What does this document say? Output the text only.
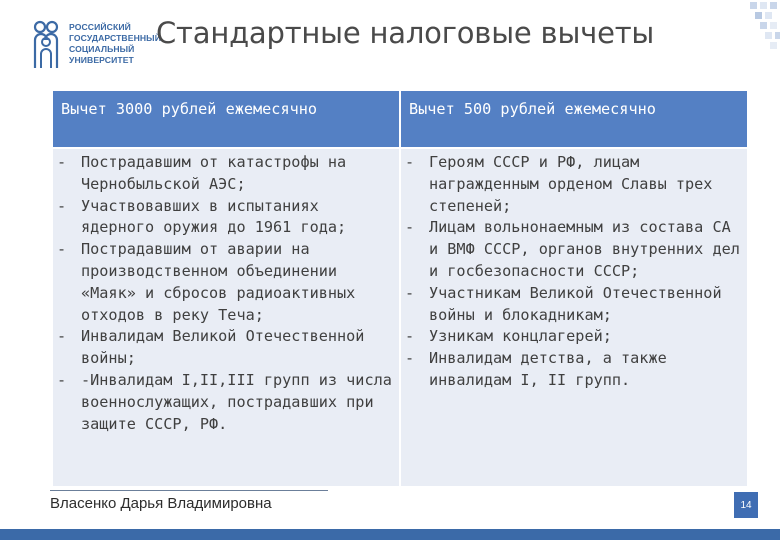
РОССИЙСКИЙ
ГОСУДАРСТВЕННЫЙ
СОЦИАЛЬНЫЙ
УНИВЕРСИТЕТ
Стандартные налоговые вычеты
Вычет 3000 рублей ежемесячно	Вычет 500 рублей ежемесячно
- Пострадавшим от катастрофы на Чернобыльской АЭС;
- Участвовавших в испытаниях ядерного оружия до 1961 года;
- Пострадавшим от аварии на производственном объединении «Маяк» и сбросов радиоактивных отходов в реку Теча;
- Инвалидам Великой Отечественной войны;
- -Инвалидам I,II,III групп из числа военнослужащих, пострадавших при защите СССР, РФ.
- Героям СССР и РФ, лицам награжденным орденом Славы трех степеней;
- Лицам вольнонаемным из состава СА и ВМФ СССР, органов внутренних дел и госбезопасности СССР;
- Участникам Великой Отечественной войны и блокадникам;
- Узникам концлагерей;
- Инвалидам детства, а также инвалидам I, II групп.
Власенко Дарья Владимировна	14
